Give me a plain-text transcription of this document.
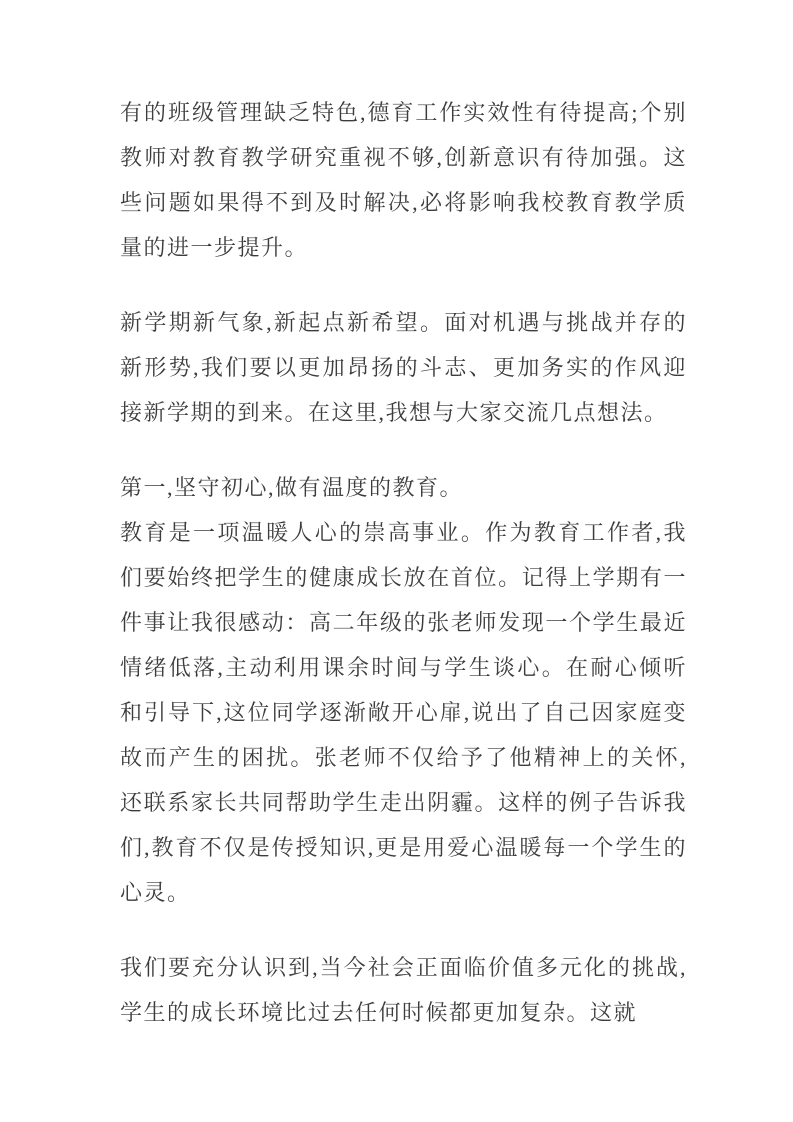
有的班级管理缺乏特色,德育工作实效性有待提高;个别教师对教育教学研究重视不够,创新意识有待加强。这些问题如果得不到及时解决,必将影响我校教育教学质量的进一步提升。

新学期新气象,新起点新希望。面对机遇与挑战并存的新形势,我们要以更加昂扬的斗志、更加务实的作风迎接新学期的到来。在这里,我想与大家交流几点想法。

第一,坚守初心,做有温度的教育。

教育是一项温暖人心的崇高事业。作为教育工作者,我们要始终把学生的健康成长放在首位。记得上学期有一件事让我很感动：高二年级的张老师发现一个学生最近情绪低落,主动利用课余时间与学生谈心。在耐心倾听和引导下,这位同学逐渐敞开心扉,说出了自己因家庭变故而产生的困扰。张老师不仅给予了他精神上的关怀,还联系家长共同帮助学生走出阴霾。这样的例子告诉我们,教育不仅是传授知识,更是用爱心温暖每一个学生的心灵。

我们要充分认识到,当今社会正面临价值多元化的挑战,学生的成长环境比过去任何时候都更加复杂。这就
